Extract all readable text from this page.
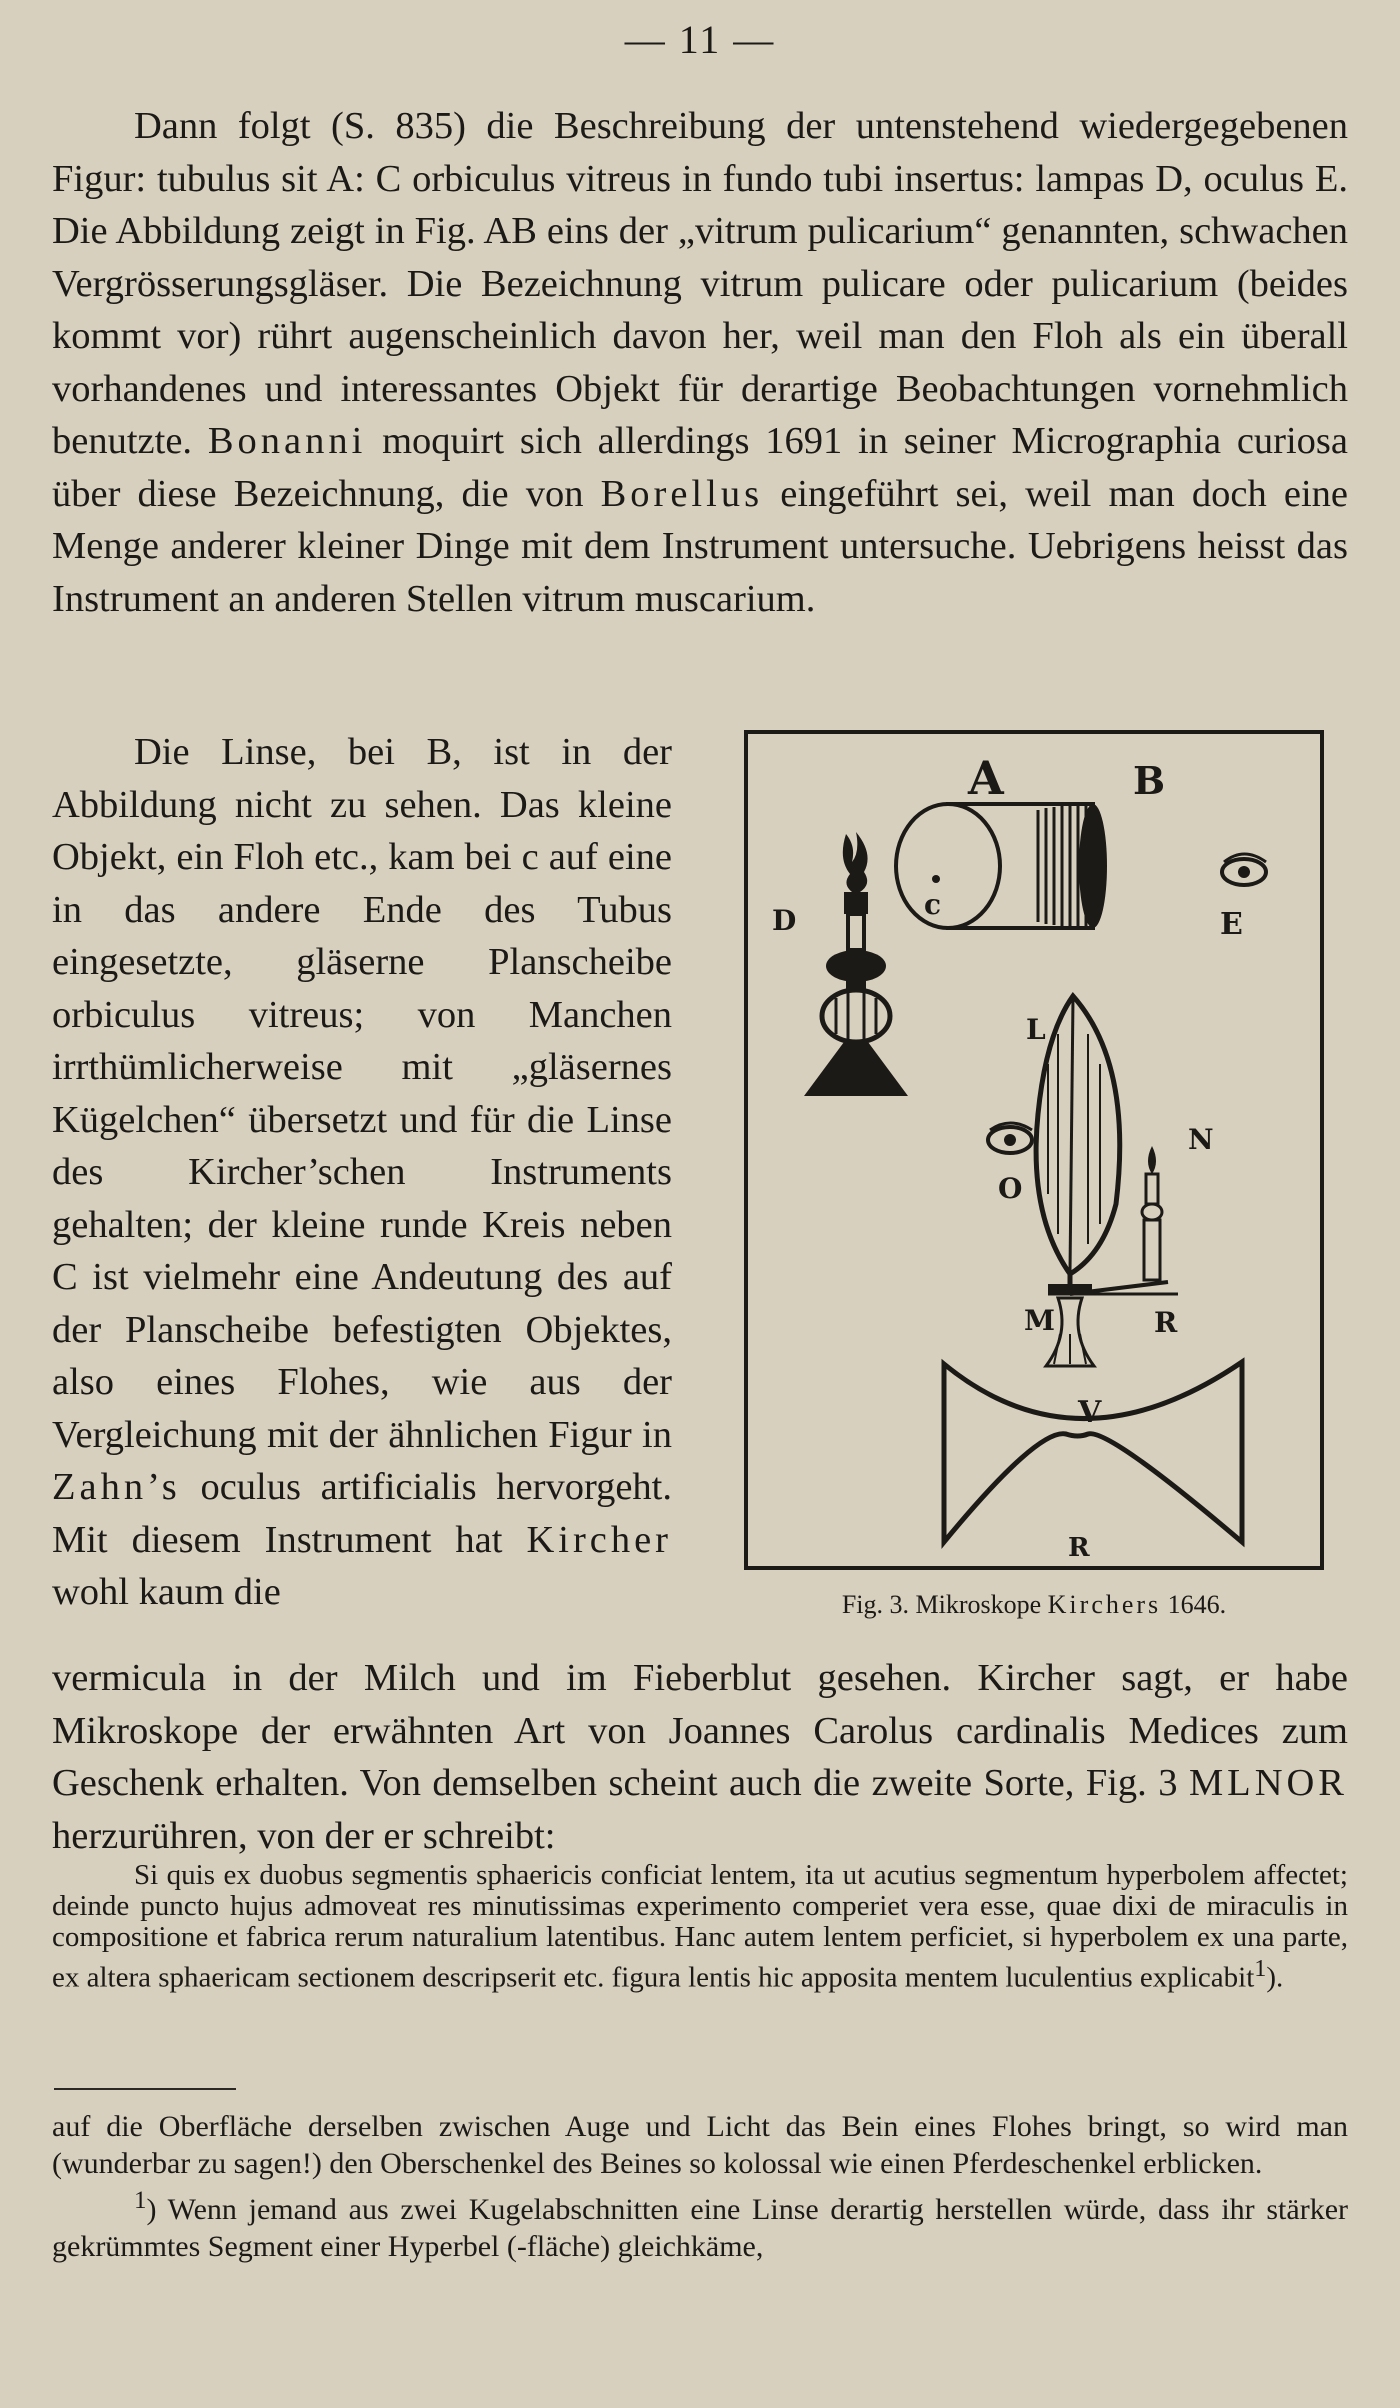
— 11 —

Dann folgt (S. 835) die Beschreibung der untenstehend wiedergegebenen Figur: tubulus sit A: C orbiculus vitreus in fundo tubi insertus: lampas D, oculus E. Die Abbildung zeigt in Fig. AB eins der „vitrum pulicarium“ genannten, schwachen Vergrösserungsgläser. Die Bezeichnung vitrum pulicare oder pulicarium (beides kommt vor) rührt augenscheinlich davon her, weil man den Floh als ein überall vorhandenes und interessantes Objekt für derartige Beobachtungen vornehmlich benutzte. Bonanni moquirt sich allerdings 1691 in seiner Micrographia curiosa über diese Bezeichnung, die von Borellus eingeführt sei, weil man doch eine Menge anderer kleiner Dinge mit dem Instrument untersuche. Uebrigens heisst das Instrument an anderen Stellen vitrum muscarium.

Die Linse, bei B, ist in der Abbildung nicht zu sehen. Das kleine Objekt, ein Floh etc., kam bei c auf eine in das andere Ende des Tubus eingesetzte, gläserne Planscheibe orbiculus vitreus; von Manchen irrthümlicherweise mit „gläsernes Kügelchen“ übersetzt und für die Linse des Kircher’schen Instruments gehalten; der kleine runde Kreis neben C ist vielmehr eine Andeutung des auf der Planscheibe befestigten Objektes, also eines Flohes, wie aus der Vergleichung mit der ähnlichen Figur in Zahn’s oculus artificialis hervorgeht. Mit diesem Instrument hat Kircher wohl kaum die

A	B
c
E
D
L
O
N
M	R
V
R
Fig. 3. Mikroskope Kirchers 1646.

vermicula in der Milch und im Fieberblut gesehen. Kircher sagt, er habe Mikroskope der erwähnten Art von Joannes Carolus cardinalis Medices zum Geschenk erhalten. Von demselben scheint auch die zweite Sorte, Fig. 3 MLNOR herzurühren, von der er schreibt:

Si quis ex duobus segmentis sphaericis conficiat lentem, ita ut acutius segmentum hyperbolem affectet; deinde puncto hujus admoveat res minutissimas experimento comperiet vera esse, quae dixi de miraculis in compositione et fabrica rerum naturalium latentibus. Hanc autem lentem perficiet, si hyperbolem ex una parte, ex altera sphaericam sectionem descripserit etc. figura lentis hic apposita mentem luculentius explicabit$^1$).

auf die Oberfläche derselben zwischen Auge und Licht das Bein eines Flohes bringt, so wird man (wunderbar zu sagen!) den Oberschenkel des Beines so kolossal wie einen Pferdeschenkel erblicken.

$^1$) Wenn jemand aus zwei Kugelabschnitten eine Linse derartig herstellen würde, dass ihr stärker gekrümmtes Segment einer Hyperbel (-fläche) gleichkäme,
